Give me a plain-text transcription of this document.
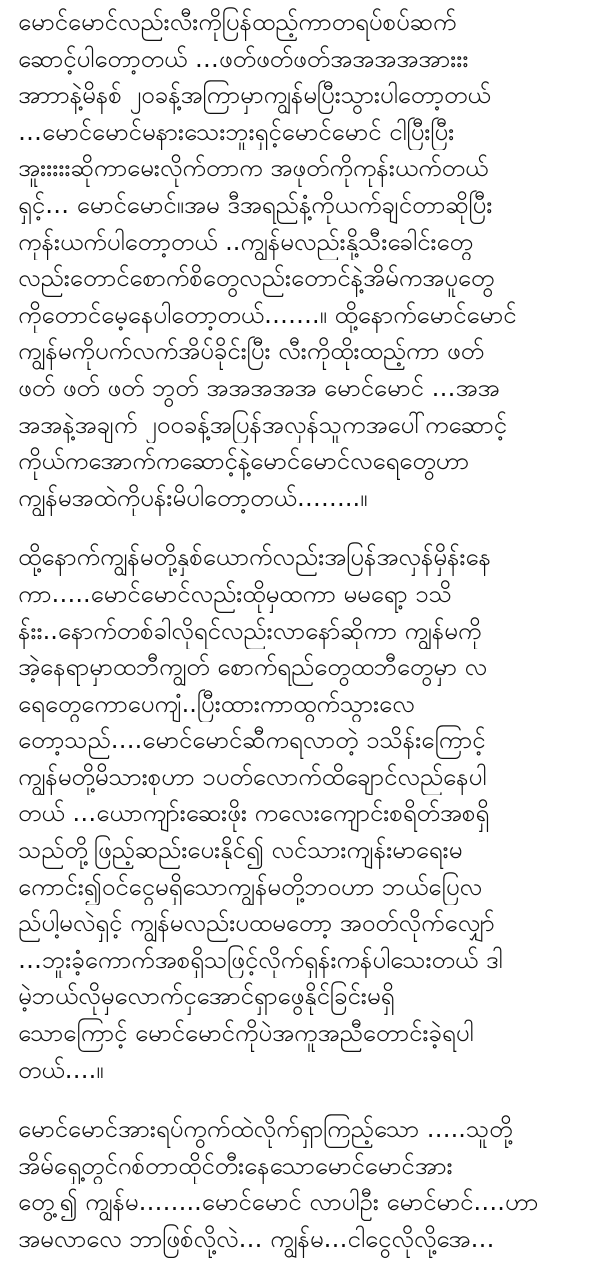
မောင်မောင်လည်းလီးကိုပြန်ထည့်ကာတရပ်စပ်ဆက်
ဆောင့်ပါတော့တယ် …ဖတ်ဖတ်ဖတ်အအအအအားးး
အာာာနဲ့မိနစ် ၂၀ခန့်အကြာမှာကျွန်မပြီးသွားပါတော့တယ်
…မောင်မောင်မနားသေးဘူးရှင့်မောင်မောင် ငါပြီးပြီး
အူးးးးးဆိုကာမေးလိုက်တာက အဖုတ်ကိုကုန်းယက်တယ်
ရှင့်… မောင်မောင်။အမ ဒီအရည်နံ့ကိုယက်ချင်တာဆိုပြီး
ကုန်းယက်ပါတော့တယ် ..ကျွန်မလည်းနို့သီးခေါင်းတွေ
လည်းတောင်စောက်စိတွေလည်းတောင်နဲ့အိမ်ကအပူတွေ
ကိုတောင်မေ့နေပါတော့တယ်…….။ ထို့နောက်မောင်မောင်
ကျွန်မကိုပက်လက်အိပ်ခိုင်းပြီး လီးကိုထိုးထည့်ကာ ဖတ်
ဖတ် ဖတ် ဖတ် ဘွတ် အအအအအ မောင်မောင် …အအ
အအနဲ့အချက် ၂၀၀ခန့်အပြန်အလှန်သူကအပေါ်ကဆောင့်
ကိုယ်ကအောက်ကဆောင့်နဲ့မောင်မောင်လရေတွေဟာ
ကျွန်မအထဲကိုပန်းမိပါတော့တယ်……..။
ထို့နောက်ကျွန်မတို့နှစ်ယောက်လည်းအပြန်အလှန်မှိန်းနေ
ကာ…..မောင်မောင်လည်းထိုမှထကာ မမရော့ ၁သိ
န်းး..နောက်တစ်ခါလိုရင်လည်းလာနော်ဆိုကာ ကျွန်မကို
အဲ့နေရာမှာထဘီကျွတ် စောက်ရည်တွေထဘီတွေမှာ လ
ရေတွေကောပေကျံ..ပြီးထားကာထွက်သွားလေ
တော့သည်….မောင်မောင်ဆီကရလာတဲ့ ၁သိန်းကြောင့်
ကျွန်မတို့မိသားစုဟာ ၁ပတ်လောက်ထိချောင်လည်နေပါ
တယ် …ယောကျာ်းဆေးဖိုး ကလေးကျောင်းစရိတ်အစရှိ
သည်တို့ဖြည့်ဆည်းပေးနိုင်၍ လင်သားကျန်းမာရေးမ
ကောင်း၍ဝင်ငွေမရှိသောကျွန်မတို့ဘဝဟာ ဘယ်ပြေလ
ည်ပါ့မလဲရှင့် ကျွန်မလည်းပထမတော့ အဝတ်လိုက်လျှော်
…ဘူးခံ့ကောက်အစရှိသဖြင့်လိုက်ရှန်းကန်ပါသေးတယ် ဒါ
မဲ့ဘယ်လိုမှလောက်ငှအောင်ရှာဖွေနိုင်ခြင်းမရှိ
သောကြောင့် မောင်မောင်ကိုပဲအကူအညီတောင်းခဲ့ရပါ
တယ်….။
မောင်မောင်အားရပ်ကွက်ထဲလိုက်ရှာကြည့်သော …..သူတို့
အိမ်ရှေ့တွင်ဂစ်တာထိုင်တီးနေသောမောင်မောင်အား
တွေ့၍ ကျွန်မ……..မောင်မောင် လာပါဦး မောင်မာင်….ဟာ
အမလာလေ ဘာဖြစ်လို့လဲ… ကျွန်မ…ငါငွေလိုလို့အေ…
